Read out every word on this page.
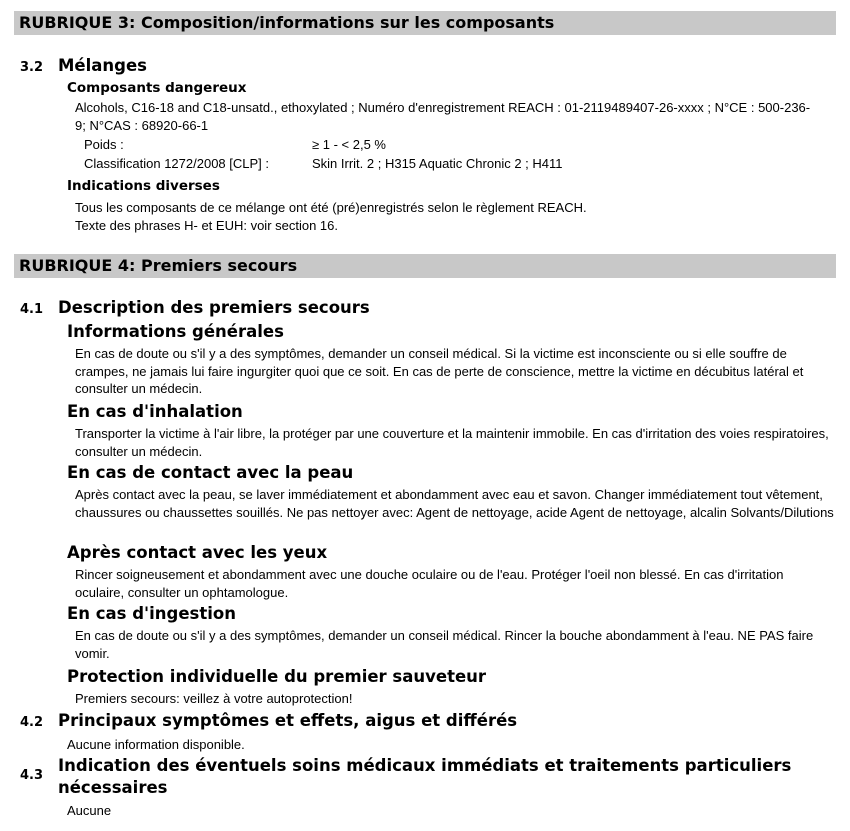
RUBRIQUE 3: Composition/informations sur les composants
3.2 Mélanges
Composants dangereux
Alcohols, C16-18 and C18-unsatd., ethoxylated ; Numéro d'enregistrement REACH : 01-2119489407-26-xxxx ; N°CE : 500-236-9; N°CAS : 68920-66-1
Poids :	≥ 1 - < 2,5 %
Classification 1272/2008 [CLP] :	Skin Irrit. 2 ; H315 Aquatic Chronic 2 ; H411
Indications diverses
Tous les composants de ce mélange ont été (pré)enregistrés selon le règlement REACH.
Texte des phrases H- et EUH: voir section 16.
RUBRIQUE 4: Premiers secours
4.1 Description des premiers secours
Informations générales
En cas de doute ou s'il y a des symptômes, demander un conseil médical. Si la victime est inconsciente ou si elle souffre de crampes, ne jamais lui faire ingurgiter quoi que ce soit. En cas de perte de conscience, mettre la victime en décubitus latéral et consulter un médecin.
En cas d'inhalation
Transporter la victime à l'air libre, la protéger par une couverture et la maintenir immobile. En cas d'irritation des voies respiratoires, consulter un médecin.
En cas de contact avec la peau
Après contact avec la peau, se laver immédiatement et abondamment avec eau et savon. Changer immédiatement tout vêtement, chaussures ou chaussettes souillés. Ne pas nettoyer avec: Agent de nettoyage, acide Agent de nettoyage, alcalin Solvants/Dilutions
Après contact avec les yeux
Rincer soigneusement et abondamment avec une douche oculaire ou de l'eau. Protéger l'oeil non blessé. En cas d'irritation oculaire, consulter un ophtamologue.
En cas d'ingestion
En cas de doute ou s'il y a des symptômes, demander un conseil médical. Rincer la bouche abondamment à l'eau. NE PAS faire vomir.
Protection individuelle du premier sauveteur
Premiers secours: veillez à votre autoprotection!
4.2 Principaux symptômes et effets, aigus et différés
Aucune information disponible.
4.3
Indication des éventuels soins médicaux immédiats et traitements particuliers
nécessaires
Aucune
